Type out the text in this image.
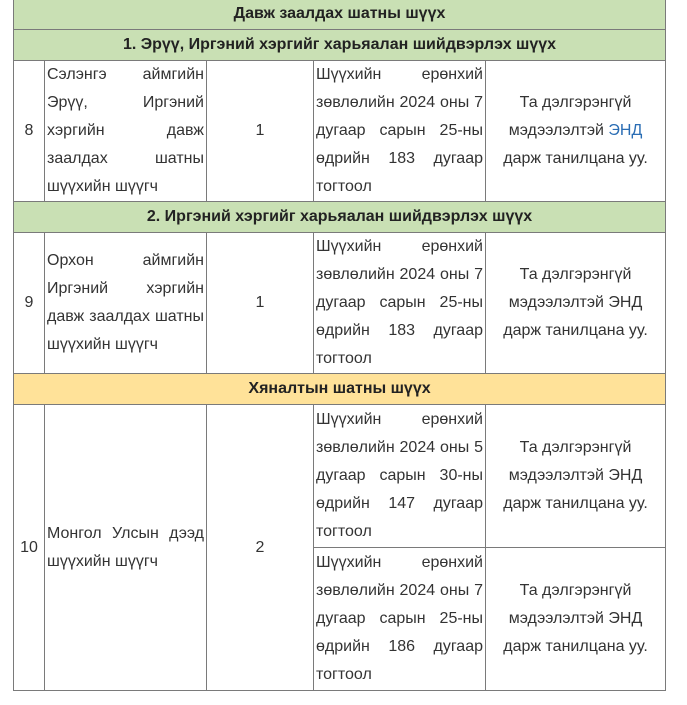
Давж заалдах шатны шүүх				
1. Эрүү, Иргэний хэргийг харьяалан шийдвэрлэх шүүх				
8	Сэлэнгэ аймгийн Эрүү, Иргэний хэргийн давж заалдах шатны шүүхийн шүүгч	1	Шүүхийн ерөнхий зөвлөлийн 2024 оны 7 дугаар сарын 25-ны өдрийн 183 дугаар тогтоол	Та дэлгэрэнгүй мэдээлэлтэй ЭНД дарж танилцана уу.
2. Иргэний хэргийг харьяалан шийдвэрлэх шүүх				
9	Орхон аймгийн Иргэний хэргийн давж заалдах шатны шүүхийн шүүгч	1	Шүүхийн ерөнхий зөвлөлийн 2024 оны 7 дугаар сарын 25-ны өдрийн 183 дугаар тогтоол	Та дэлгэрэнгүй мэдээлэлтэй ЭНД дарж танилцана уу.
Хяналтын шатны шүүх				
10	Монгол Улсын дээд шүүхийн шүүгч	2	Шүүхийн ерөнхий зөвлөлийн 2024 оны 5 дугаар сарын 30-ны өдрийн 147 дугаар тогтоол	Та дэлгэрэнгүй мэдээлэлтэй ЭНД дарж танилцана уу.
			Шүүхийн ерөнхий зөвлөлийн 2024 оны 7 дугаар сарын 25-ны өдрийн 186 дугаар тогтоол	Та дэлгэрэнгүй мэдээлэлтэй ЭНД дарж танилцана уу.
